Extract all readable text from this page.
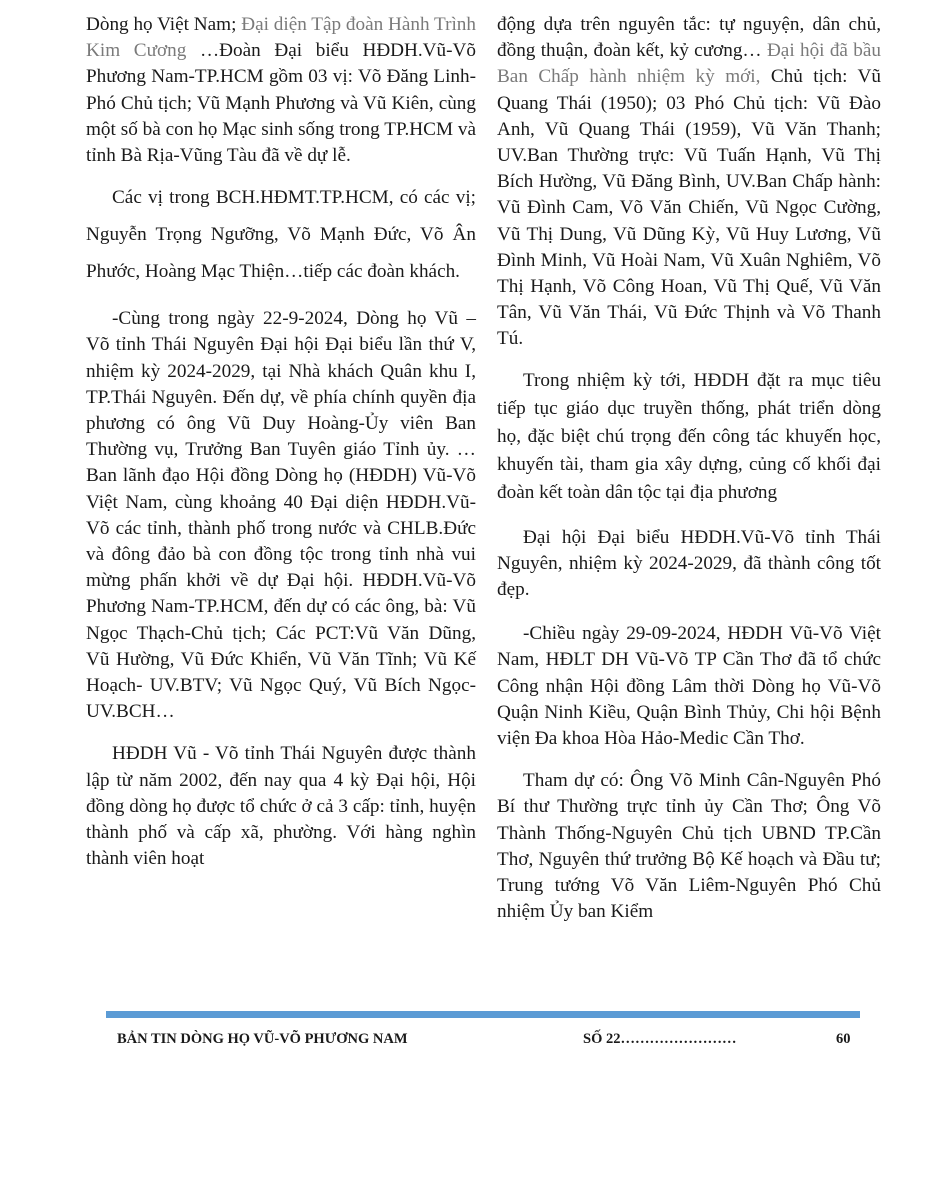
Dòng họ Việt Nam; Đại diện Tập đoàn Hành Trình Kim Cương …Đoàn Đại biểu HĐDH.Vũ-Võ Phương Nam-TP.HCM gồm 03 vị: Võ Đăng Linh- Phó Chủ tịch; Vũ Mạnh Phương và Vũ Kiên, cùng một số bà con họ Mạc sinh sống trong TP.HCM và tỉnh Bà Rịa-Vũng Tàu đã về dự lễ.

Các vị trong BCH.HĐMT.TP.HCM, có các vị; Nguyễn Trọng Ngưỡng, Võ Mạnh Đức, Võ Ân Phước, Hoàng Mạc Thiện…tiếp các đoàn khách.

-Cùng trong ngày 22-9-2024, Dòng họ Vũ – Võ tỉnh Thái Nguyên Đại hội Đại biểu lần thứ V, nhiệm kỳ 2024-2029, tại Nhà khách Quân khu I, TP.Thái Nguyên. Đến dự, về phía chính quyền địa phương có ông Vũ Duy Hoàng-Ủy viên Ban Thường vụ, Trưởng Ban Tuyên giáo Tỉnh ủy. … Ban lãnh đạo Hội đồng Dòng họ (HĐDH) Vũ-Võ Việt Nam, cùng khoảng 40 Đại diện HĐDH.Vũ-Võ các tỉnh, thành phố trong nước và CHLB.Đức và đông đảo bà con đồng tộc trong tỉnh nhà vui mừng phấn khởi về dự Đại hội. HĐDH.Vũ-Võ Phương Nam-TP.HCM, đến dự có các ông, bà: Vũ Ngọc Thạch-Chủ tịch; Các PCT:Vũ Văn Dũng, Vũ Hường, Vũ Đức Khiển, Vũ Văn Tĩnh; Vũ Kế Hoạch- UV.BTV; Vũ Ngọc Quý, Vũ Bích Ngọc-UV.BCH…

HĐDH Vũ - Võ tỉnh Thái Nguyên được thành lập từ năm 2002, đến nay qua 4 kỳ Đại hội, Hội đồng dòng họ được tổ chức ở cả 3 cấp: tỉnh, huyện thành phố và cấp xã, phường. Với hàng nghìn thành viên hoạt

động dựa trên nguyên tắc: tự nguyện, dân chủ, đồng thuận, đoàn kết, kỷ cương… Đại hội đã bầu Ban Chấp hành nhiệm kỳ mới, Chủ tịch: Vũ Quang Thái (1950); 03 Phó Chủ tịch: Vũ Đào Anh, Vũ Quang Thái (1959), Vũ Văn Thanh; UV.Ban Thường trực: Vũ Tuấn Hạnh, Vũ Thị Bích Hường, Vũ Đăng Bình, UV.Ban Chấp hành: Vũ Đình Cam, Võ Văn Chiến, Vũ Ngọc Cường, Vũ Thị Dung, Vũ Dũng Kỳ, Vũ Huy Lương, Vũ Đình Minh, Vũ Hoài Nam, Vũ Xuân Nghiêm, Võ Thị Hạnh, Võ Công Hoan, Vũ Thị Quế, Vũ Văn Tân, Vũ Văn Thái, Vũ Đức Thịnh và Võ Thanh Tú.

Trong nhiệm kỳ tới, HĐDH đặt ra mục tiêu tiếp tục giáo dục truyền thống, phát triển dòng họ, đặc biệt chú trọng đến công tác khuyến học, khuyến tài, tham gia xây dựng, củng cố khối đại đoàn kết toàn dân tộc tại địa phương

Đại hội Đại biểu HĐDH.Vũ-Võ tỉnh Thái Nguyên, nhiệm kỳ 2024-2029, đã thành công tốt đẹp.

-Chiều ngày 29-09-2024, HĐDH Vũ-Võ Việt Nam, HĐLT DH Vũ-Võ TP Cần Thơ đã tổ chức Công nhận Hội đồng Lâm thời Dòng họ Vũ-Võ Quận Ninh Kiều, Quận Bình Thủy, Chi hội Bệnh viện Đa khoa Hòa Hảo-Medic Cần Thơ.

Tham dự có: Ông Võ Minh Cân-Nguyên Phó Bí thư Thường trực tỉnh ủy Cần Thơ; Ông Võ Thành Thống-Nguyên Chủ tịch UBND TP.Cần Thơ, Nguyên thứ trưởng Bộ Kế hoạch và Đầu tư; Trung tướng Võ Văn Liêm-Nguyên Phó Chủ nhiệm Ủy ban Kiểm

BẢN TIN DÒNG HỌ VŨ-VÕ PHƯƠNG NAM	SỐ 22……………………	60
